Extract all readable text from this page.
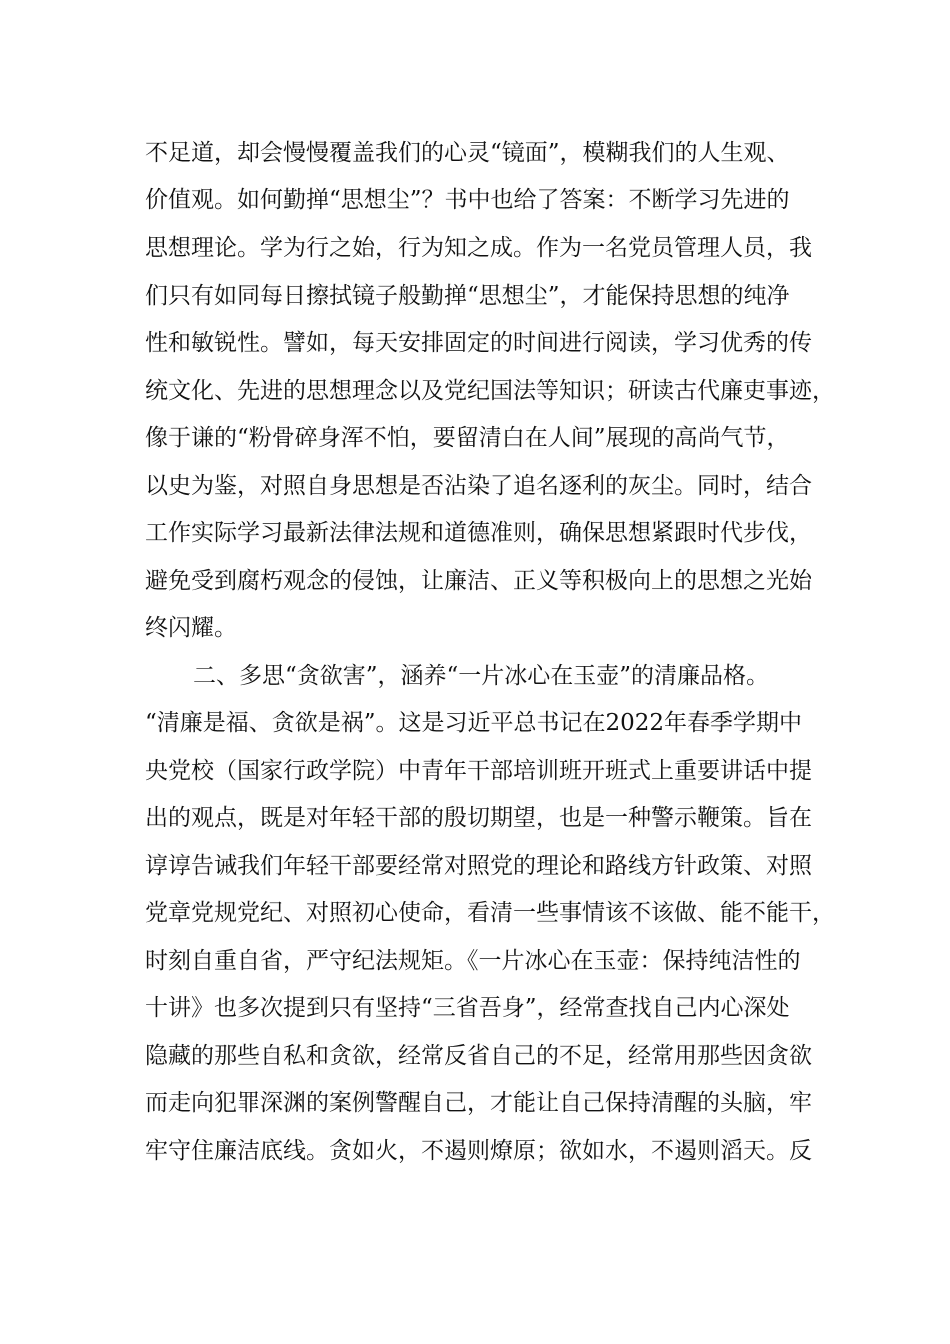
不足道，却会慢慢覆盖我们的心灵“镜面”，模糊我们的人生观、
价值观。如何勤掸“思想尘”？书中也给了答案：不断学习先进的
思想理论。学为行之始，行为知之成。作为一名党员管理人员，我
们只有如同每日擦拭镜子般勤掸“思想尘”，才能保持思想的纯净
性和敏锐性。譬如，每天安排固定的时间进行阅读，学习优秀的传
统文化、先进的思想理念以及党纪国法等知识；研读古代廉吏事迹，
像于谦的“粉骨碎身浑不怕，要留清白在人间”展现的高尚气节，
以史为鉴，对照自身思想是否沾染了追名逐利的灰尘。同时，结合
工作实际学习最新法律法规和道德准则，确保思想紧跟时代步伐，
避免受到腐朽观念的侵蚀，让廉洁、正义等积极向上的思想之光始
终闪耀。
二、多思“贪欲害”，涵养“一片冰心在玉壶”的清廉品格。
“清廉是福、贪欲是祸”。这是习近平总书记在2022年春季学期中
央党校（国家行政学院）中青年干部培训班开班式上重要讲话中提
出的观点，既是对年轻干部的殷切期望，也是一种警示鞭策。旨在
谆谆告诫我们年轻干部要经常对照党的理论和路线方针政策、对照
党章党规党纪、对照初心使命，看清一些事情该不该做、能不能干，
时刻自重自省，严守纪法规矩。《一片冰心在玉壶：保持纯洁性的
十讲》也多次提到只有坚持“三省吾身”，经常查找自己内心深处
隐藏的那些自私和贪欲，经常反省自己的不足，经常用那些因贪欲
而走向犯罪深渊的案例警醒自己，才能让自己保持清醒的头脑，牢
牢守住廉洁底线。贪如火，不遏则燎原；欲如水，不遏则滔天。反
